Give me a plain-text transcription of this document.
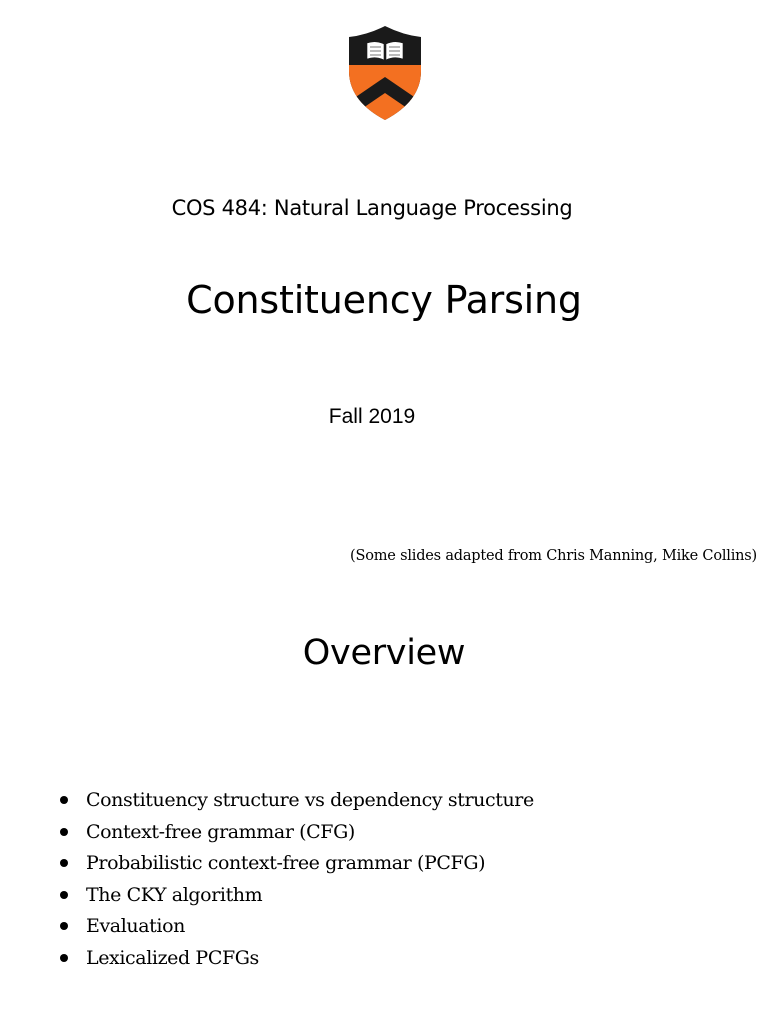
COS 484: Natural Language Processing
Constituency Parsing
Fall 2019
(Some slides adapted from Chris Manning, Mike Collins)
Overview
Constituency structure vs dependency structure
Context-free grammar (CFG)
Probabilistic context-free grammar (PCFG)
The CKY algorithm
Evaluation
Lexicalized PCFGs
